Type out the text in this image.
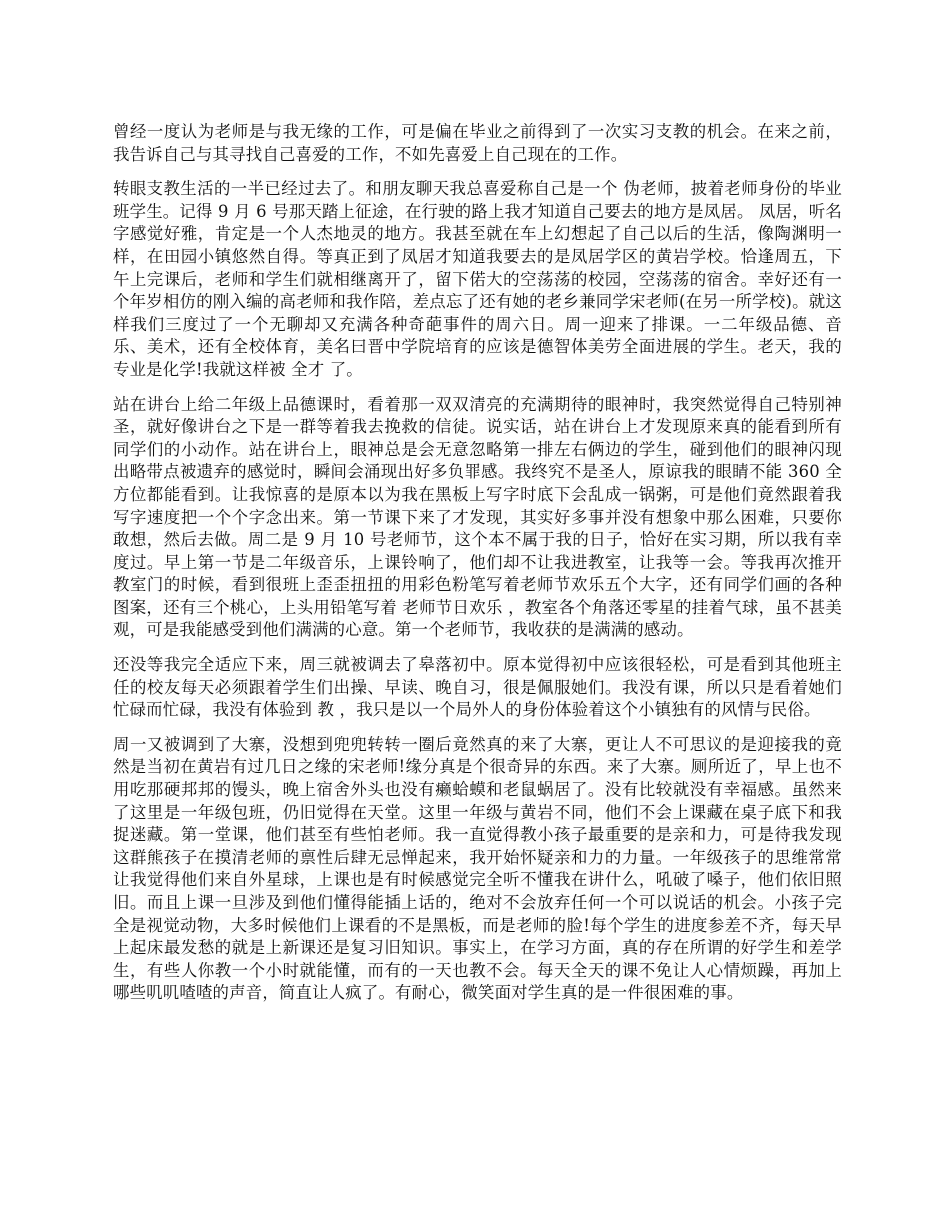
曾经一度认为老师是与我无缘的工作，可是偏在毕业之前得到了一次实习支教的机会。在来之前，我告诉自己与其寻找自己喜爱的工作，不如先喜爱上自己现在的工作。

转眼支教生活的一半已经过去了。和朋友聊天我总喜爱称自己是一个 伪老师，披着老师身份的毕业班学生。记得 9 月 6 号那天踏上征途，在行驶的路上我才知道自己要去的地方是凤居。 凤居，听名字感觉好雅，肯定是一个人杰地灵的地方。我甚至就在车上幻想起了自己以后的生活，像陶渊明一样，在田园小镇悠然自得。等真正到了凤居才知道我要去的是凤居学区的黄岩学校。恰逢周五，下午上完课后，老师和学生们就相继离开了，留下偌大的空荡荡的校园，空荡荡的宿舍。幸好还有一个年岁相仿的刚入编的高老师和我作陪，差点忘了还有她的老乡兼同学宋老师(在另一所学校)。就这样我们三度过了一个无聊却又充满各种奇葩事件的周六日。周一迎来了排课。一二年级品德、音乐、美术，还有全校体育，美名曰晋中学院培育的应该是德智体美劳全面进展的学生。老天，我的专业是化学!我就这样被 全才 了。

站在讲台上给二年级上品德课时，看着那一双双清亮的充满期待的眼神时，我突然觉得自己特别神圣，就好像讲台之下是一群等着我去挽救的信徒。说实话，站在讲台上才发现原来真的能看到所有同学们的小动作。站在讲台上，眼神总是会无意忽略第一排左右俩边的学生，碰到他们的眼神闪现出略带点被遗弃的感觉时，瞬间会涌现出好多负罪感。我终究不是圣人，原谅我的眼睛不能 360 全方位都能看到。让我惊喜的是原本以为我在黑板上写字时底下会乱成一锅粥，可是他们竟然跟着我写字速度把一个个字念出来。第一节课下来了才发现，其实好多事并没有想象中那么困难，只要你敢想，然后去做。周二是 9 月 10 号老师节，这个本不属于我的日子，恰好在实习期，所以我有幸度过。早上第一节是二年级音乐，上课铃响了，他们却不让我进教室，让我等一会。等我再次推开教室门的时候，看到很班上歪歪扭扭的用彩色粉笔写着老师节欢乐五个大字，还有同学们画的各种图案，还有三个桃心，上头用铅笔写着 老师节日欢乐 ，教室各个角落还零星的挂着气球，虽不甚美观，可是我能感受到他们满满的心意。第一个老师节，我收获的是满满的感动。

还没等我完全适应下来，周三就被调去了皋落初中。原本觉得初中应该很轻松，可是看到其他班主任的校友每天必须跟着学生们出操、早读、晚自习，很是佩服她们。我没有课，所以只是看着她们忙碌而忙碌，我没有体验到 教 ，我只是以一个局外人的身份体验着这个小镇独有的风情与民俗。

周一又被调到了大寨，没想到兜兜转转一圈后竟然真的来了大寨，更让人不可思议的是迎接我的竟然是当初在黄岩有过几日之缘的宋老师!缘分真是个很奇异的东西。来了大寨。厕所近了，早上也不用吃那硬邦邦的馒头，晚上宿舍外头也没有癞蛤蟆和老鼠蜗居了。没有比较就没有幸福感。虽然来了这里是一年级包班，仍旧觉得在天堂。这里一年级与黄岩不同，他们不会上课藏在桌子底下和我捉迷藏。第一堂课，他们甚至有些怕老师。我一直觉得教小孩子最重要的是亲和力，可是待我发现这群熊孩子在摸清老师的禀性后肆无忌惮起来，我开始怀疑亲和力的力量。一年级孩子的思维常常让我觉得他们来自外星球，上课也是有时候感觉完全听不懂我在讲什么，吼破了嗓子，他们依旧照旧。而且上课一旦涉及到他们懂得能插上话的，绝对不会放弃任何一个可以说话的机会。小孩子完全是视觉动物，大多时候他们上课看的不是黑板，而是老师的脸!每个学生的进度参差不齐，每天早上起床最发愁的就是上新课还是复习旧知识。事实上，在学习方面，真的存在所谓的好学生和差学生，有些人你教一个小时就能懂，而有的一天也教不会。每天全天的课不免让人心情烦躁，再加上哪些叽叽喳喳的声音，简直让人疯了。有耐心，微笑面对学生真的是一件很困难的事。
